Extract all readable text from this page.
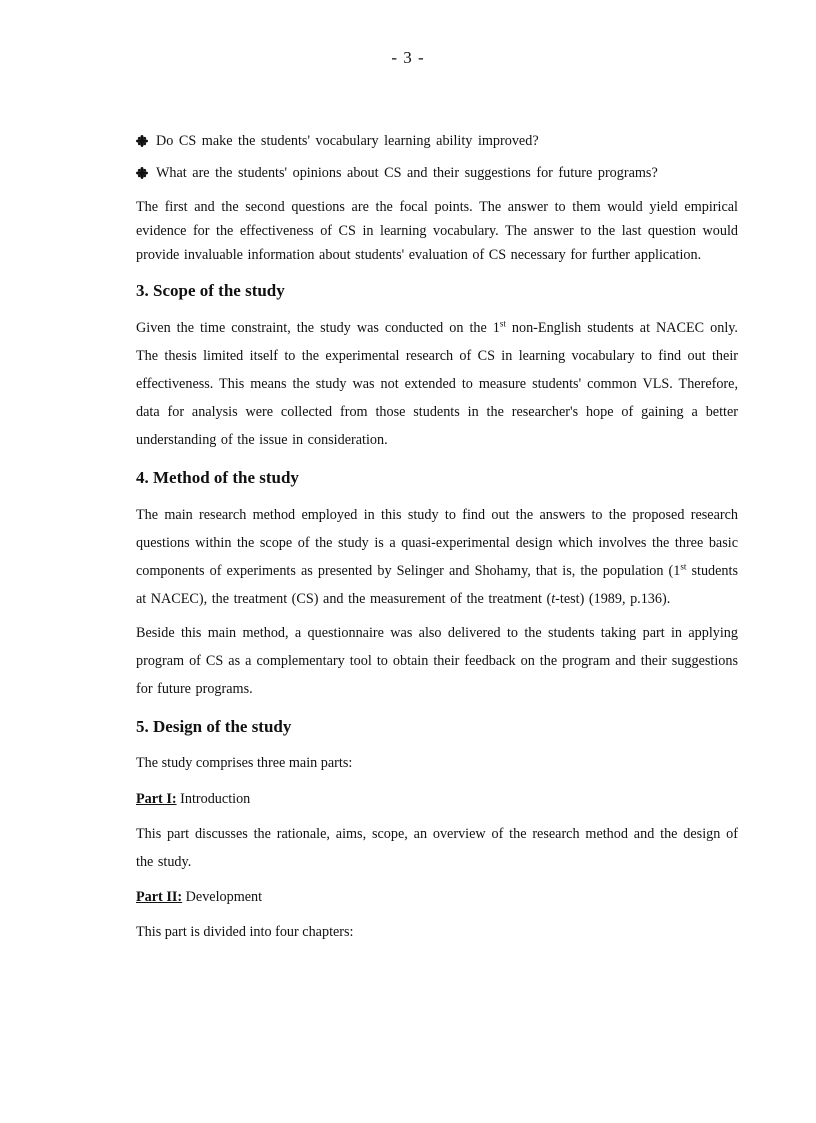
- 3 -
Do CS make the students' vocabulary learning ability improved?
What are the students' opinions about CS and their suggestions for future programs?

The first and the second questions are the focal points. The answer to them would yield empirical evidence for the effectiveness of CS in learning vocabulary. The answer to the last question would provide invaluable information about students' evaluation of CS necessary for further application.

3. Scope of the study

Given the time constraint, the study was conducted on the 1st non-English students at NACEC only. The thesis limited itself to the experimental research of CS in learning vocabulary to find out their effectiveness. This means the study was not extended to measure students' common VLS. Therefore, data for analysis were collected from those students in the researcher's hope of gaining a better understanding of the issue in consideration.

4. Method of the study

The main research method employed in this study to find out the answers to the proposed research questions within the scope of the study is a quasi-experimental design which involves the three basic components of experiments as presented by Selinger and Shohamy, that is, the population (1st students at NACEC), the treatment (CS) and the measurement of the treatment (t-test) (1989, p.136).

Beside this main method, a questionnaire was also delivered to the students taking part in applying program of CS as a complementary tool to obtain their feedback on the program and their suggestions for future programs.

5. Design of the study

The study comprises three main parts:

Part I: Introduction

This part discusses the rationale, aims, scope, an overview of the research method and the design of the study.

Part II: Development

This part is divided into four chapters:
